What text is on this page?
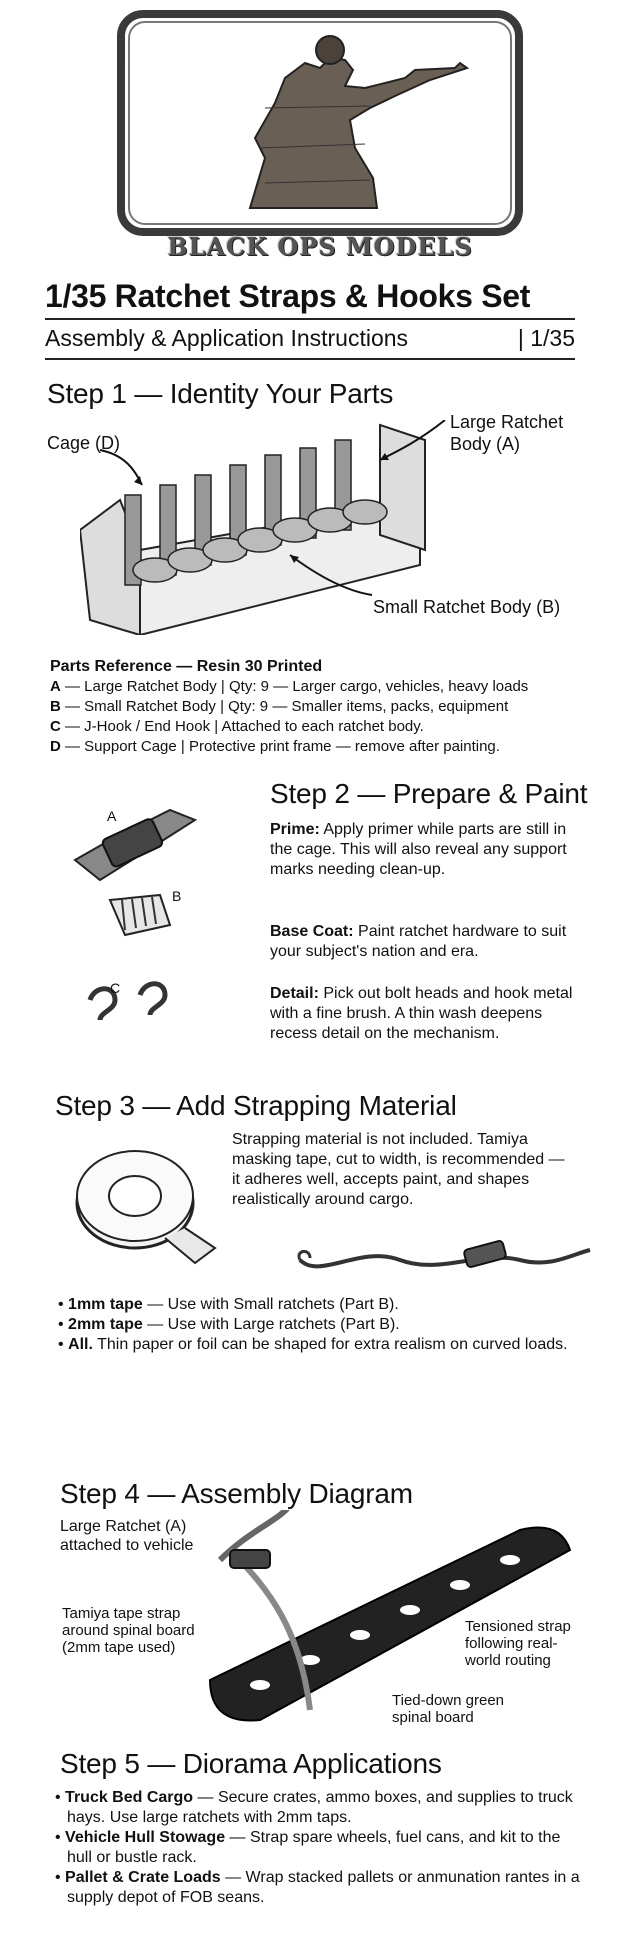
BLACK OPS MODELS
1/35 Ratchet Straps & Hooks Set
Assembly & Application Instructions	| 1/35
Step 1 — Identity Your Parts
Cage (D)
Large Ratchet
Body (A)
Small Ratchet Body (B)
Parts Reference — Resin 30 Printed
A — Large Ratchet Body | Qty: 9 — Larger cargo, vehicles, heavy loads
B — Small Ratchet Body | Qty: 9 — Smaller items, packs, equipment
C — J-Hook / End Hook | Attached to each ratchet body.
D — Support Cage | Protective print frame — remove after painting.
A
B
C
Step 2 — Prepare & Paint
Prime: Apply primer while parts are still in the cage. This will also reveal any support marks needing clean-up.
Base Coat: Paint ratchet hardware to suit your subject's nation and era.
Detail: Pick out bolt heads and hook metal with a fine brush. A thin wash deepens recess detail on the mechanism.
Step 3 — Add Strapping Material
Strapping material is not included. Tamiya masking tape, cut to width, is recommended — it adheres well, accepts paint, and shapes realistically around cargo.
• 1mm tape — Use with Small ratchets (Part B).
• 2mm tape — Use with Large ratchets (Part B).
• All. Thin paper or foil can be shaped for extra realism on curved loads.
Step 4 — Assembly Diagram
Large Ratchet (A)
attached to vehicle
Tamiya tape strap
around spinal board
(2mm tape used)
Tensioned strap
following real-
world routing
Tied-down green
spinal board
Step 5 — Diorama Applications
• Truck Bed Cargo — Secure crates, ammo boxes, and supplies to truck hays. Use large ratchets with 2mm taps.
• Vehicle Hull Stowage — Strap spare wheels, fuel cans, and kit to the hull or bustle rack.
• Pallet & Crate Loads — Wrap stacked pallets or anmunation rantes in a supply depot of FOB seans.
